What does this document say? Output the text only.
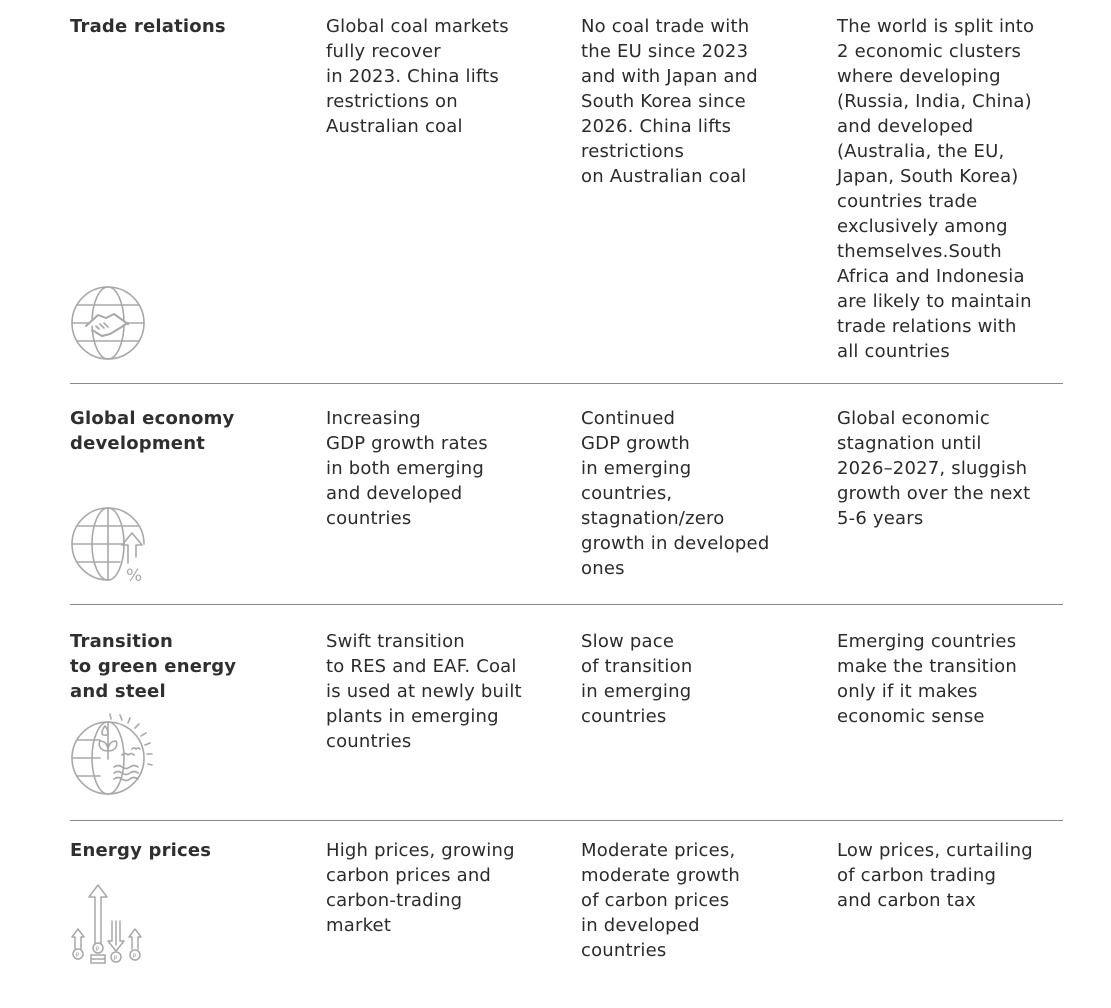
Trade relations	Global coal markets
fully recover
in 2023. China lifts
restrictions on
Australian coal
No coal trade with
the EU since 2023
and with Japan and
South Korea since
2026. China lifts
restrictions
on Australian coal
The world is split into
2 economic clusters
where developing
(Russia, India, China)
and developed
(Australia, the EU,
Japan, South Korea)
countries trade
exclusively among
themselves.South
Africa and Indonesia
are likely to maintain
trade relations with
all countries
Global economy
development
%
Increasing
GDP growth rates
in both emerging
and developed
countries
Continued
GDP growth
in emerging
countries,
stagnation/zero
growth in developed
ones
Global economic
stagnation until
2026–2027, sluggish
growth over the next
5-6 years
Transition
to green energy
and steel
Swift transition
to RES and EAF. Coal
is used at newly built
plants in emerging
countries
Slow pace
of transition
in emerging
countries
Emerging countries
make the transition
only if it makes
economic sense
Energy prices
₽
₽
₽	₽
High prices, growing
carbon prices and
carbon-trading
market
Moderate prices,
moderate growth
of carbon prices
in developed
countries
Low prices, curtailing
of carbon trading
and carbon tax
